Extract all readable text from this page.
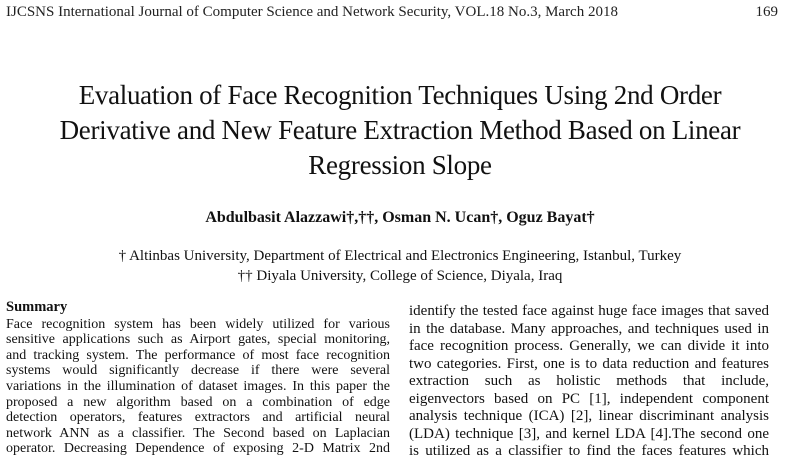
IJCSNS International Journal of Computer Science and Network Security, VOL.18 No.3, March 2018	169
Evaluation of Face Recognition Techniques Using 2nd Order
Derivative and New Feature Extraction Method Based on Linear
Regression Slope
Abdulbasit Alazzawi†,††, Osman N. Ucan†, Oguz Bayat†
† Altinbas University, Department of Electrical and Electronics Engineering, Istanbul, Turkey
†† Diyala University, College of Science, Diyala, Iraq
Summary
Face recognition system has been widely utilized for various
sensitive applications such as Airport gates, special monitoring,
and tracking system. The performance of most face recognition
systems would significantly decrease if there were several
variations in the illumination of dataset images. In this paper the
proposed a new algorithm based on a combination of edge
detection operators, features extractors and artificial neural
network ANN as a classifier. The Second based on Laplacian
operator. Decreasing Dependence of exposing 2-D Matrix 2nd
identify the tested face against huge face images that saved
in the database. Many approaches, and techniques used in
face recognition process. Generally, we can divide it into
two categories. First, one is to data reduction and features
extraction such as holistic methods that include,
eigenvectors based on PC [1], independent component
analysis technique (ICA) [2], linear discriminant analysis
(LDA) technique [3], and kernel LDA [4].The second one
is utilized as a classifier to find the faces features which
